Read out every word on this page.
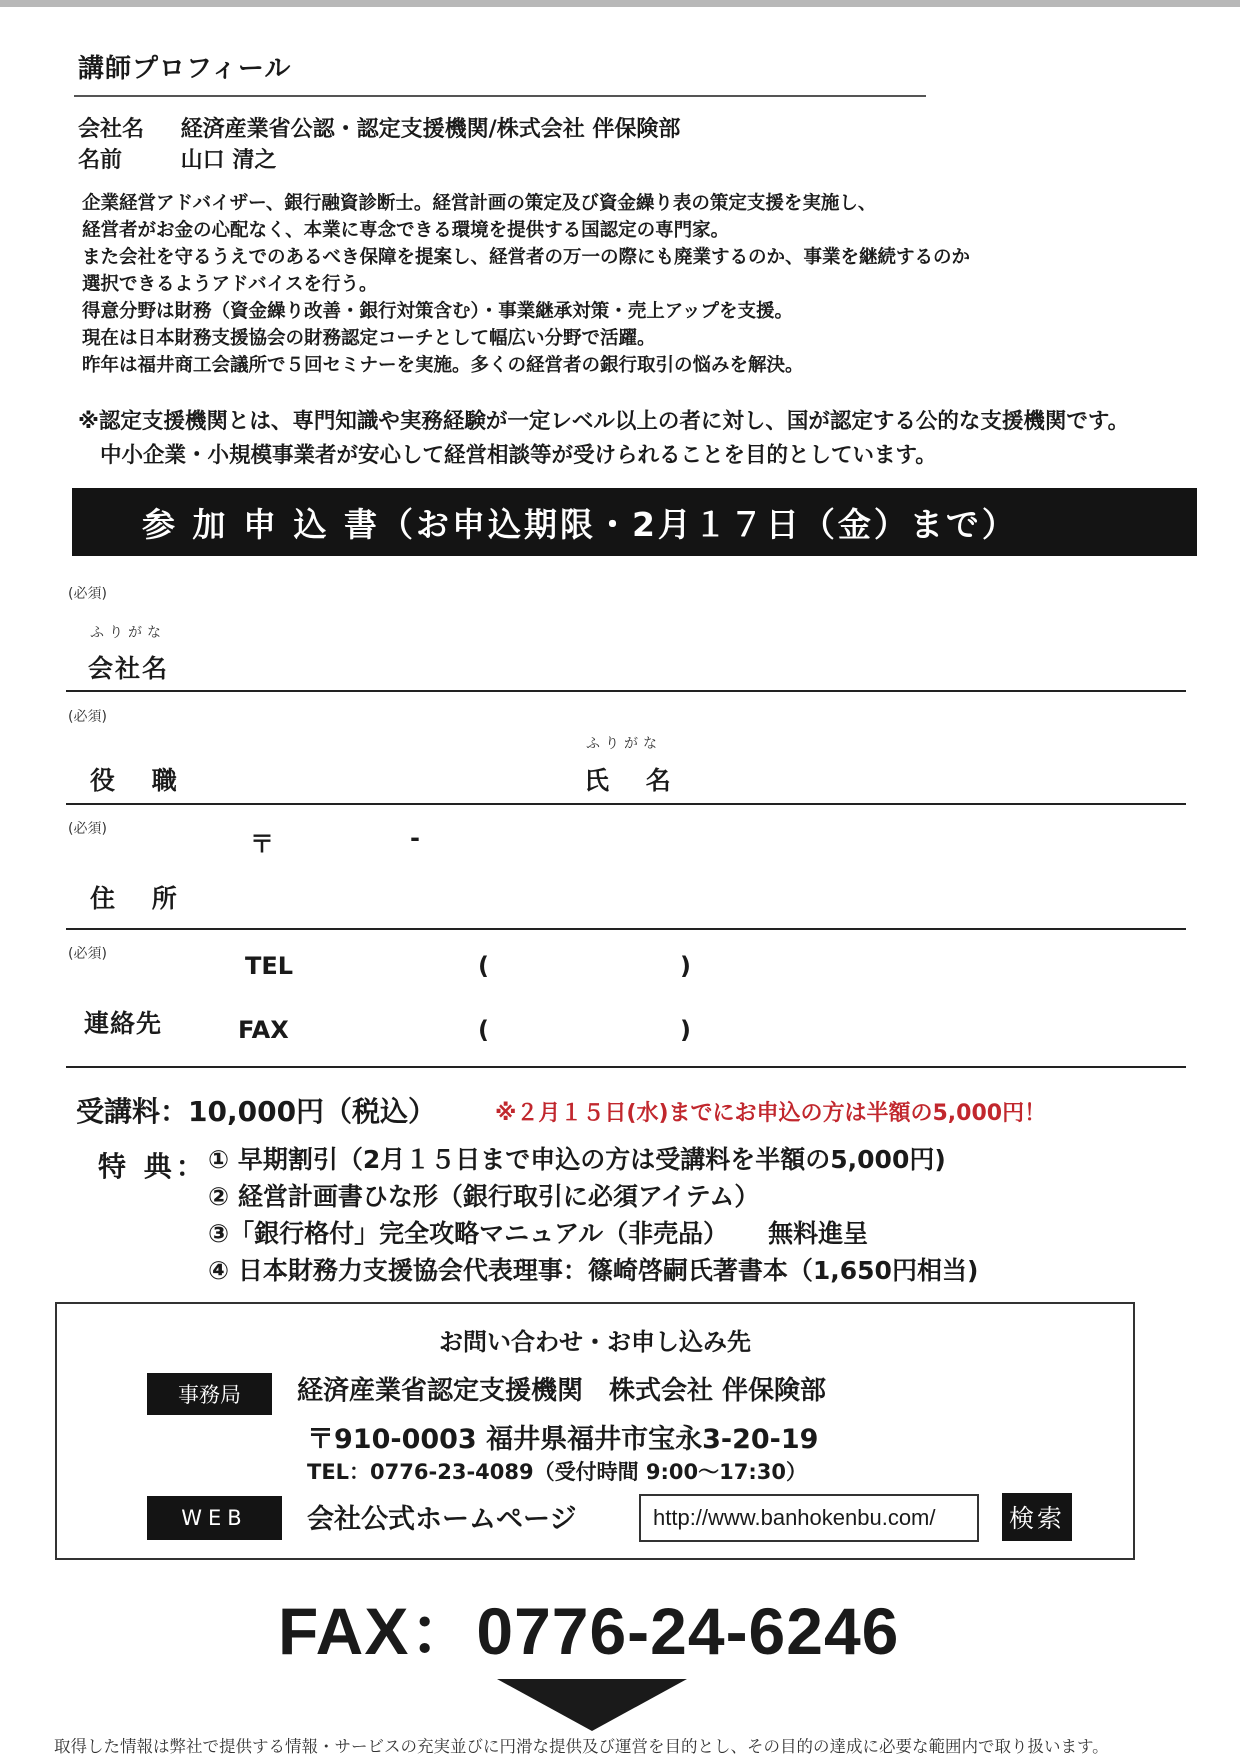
講師プロフィール
会社名 経済産業省公認・認定支援機関/株式会社 伴保険部
名前	山口 清之
企業経営アドバイザー、銀行融資診断士。経営計画の策定及び資金繰り表の策定支援を実施し、
経営者がお金の心配なく、本業に専念できる環境を提供する国認定の専門家。
また会社を守るうえでのあるべき保障を提案し、経営者の万一の際にも廃業するのか、事業を継続するのか
選択できるようアドバイスを行う。
得意分野は財務（資金繰り改善・銀行対策含む）・事業継承対策・売上アップを支援。
現在は日本財務支援協会の財務認定コーチとして幅広い分野で活躍。
昨年は福井商工会議所で５回セミナーを実施。多くの経営者の銀行取引の悩みを解決。
※認定支援機関とは、専門知識や実務経験が一定レベル以上の者に対し、国が認定する公的な支援機関です。
中小企業・小規模事業者が安心して経営相談等が受けられることを目的としています。
参 加 申 込 書（お申込期限・2月１７日（金）まで）
(必須)
ふりがな
会社名
(必須)
ふりがな
役 職	氏 名
(必須)
〒	-
住 所
(必須)	TEL	(	)
連絡先	FAX	(	)
受講料：10,000円（税込）	※２月１５日(水)までにお申込の方は半額の5,000円！
特 典： ① 早期割引（2月１５日まで申込の方は受講料を半額の5,000円)
② 経営計画書ひな形（銀行取引に必須アイテム）
③「銀行格付」完全攻略マニュアル（非売品） 無料進呈
④ 日本財務力支援協会代表理事：篠崎啓嗣氏著書本（1,650円相当)
お問い合わせ・お申し込み先
事務局	経済産業省認定支援機関　株式会社 伴保険部
〒910-0003 福井県福井市宝永3-20-19
TEL：0776-23-4089（受付時間 9:00〜17:30）
WEB	会社公式ホームページ	http://www.banhokenbu.com/	検索
FAX：0776-24-6246
取得した情報は弊社で提供する情報・サービスの充実並びに円滑な提供及び運営を目的とし、その目的の達成に必要な範囲内で取り扱います。
